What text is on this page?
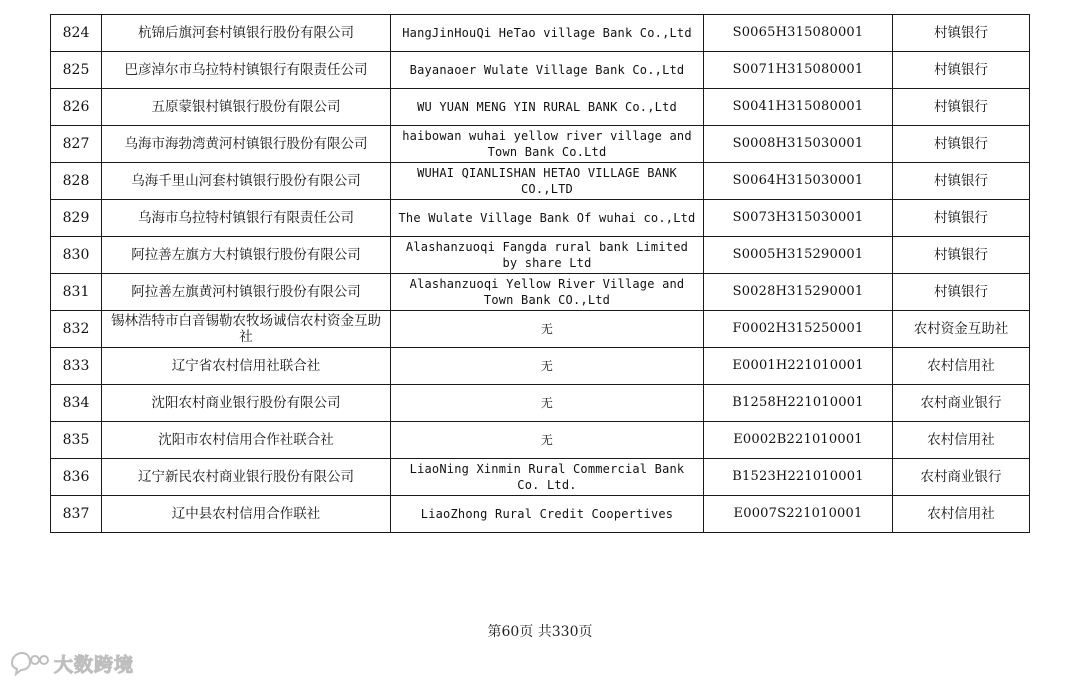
824	杭锦后旗河套村镇银行股份有限公司	HangJinHouQi HeTao village Bank Co.,Ltd	S0065H315080001	村镇银行
825	巴彦淖尔市乌拉特村镇银行有限责任公司	Bayanaoer Wulate Village Bank Co.,Ltd	S0071H315080001	村镇银行
826	五原蒙银村镇银行股份有限公司	WU YUAN MENG YIN RURAL BANK Co.,Ltd	S0041H315080001	村镇银行
827	乌海市海勃湾黄河村镇银行股份有限公司	haibowan wuhai yellow river village and Town Bank Co.Ltd	S0008H315030001	村镇银行
828	乌海千里山河套村镇银行股份有限公司	WUHAI QIANLISHAN HETAO VILLAGE BANK CO.,LTD	S0064H315030001	村镇银行
829	乌海市乌拉特村镇银行有限责任公司	The Wulate Village Bank Of wuhai co.,Ltd	S0073H315030001	村镇银行
830	阿拉善左旗方大村镇银行股份有限公司	Alashanzuoqi Fangda rural bank Limited by share Ltd	S0005H315290001	村镇银行
831	阿拉善左旗黄河村镇银行股份有限公司	Alashanzuoqi Yellow River Village and Town Bank CO.,Ltd	S0028H315290001	村镇银行
832	锡林浩特市白音锡勒农牧场诚信农村资金互助社	无	F0002H315250001	农村资金互助社
833	辽宁省农村信用社联合社	无	E0001H221010001	农村信用社
834	沈阳农村商业银行股份有限公司	无	B1258H221010001	农村商业银行
835	沈阳市农村信用合作社联合社	无	E0002B221010001	农村信用社
836	辽宁新民农村商业银行股份有限公司	LiaoNing Xinmin Rural Commercial Bank Co. Ltd.	B1523H221010001	农村商业银行
837	辽中县农村信用合作联社	LiaoZhong Rural Credit Coopertives	E0007S221010001	农村信用社
第60页 共330页
大数跨境
